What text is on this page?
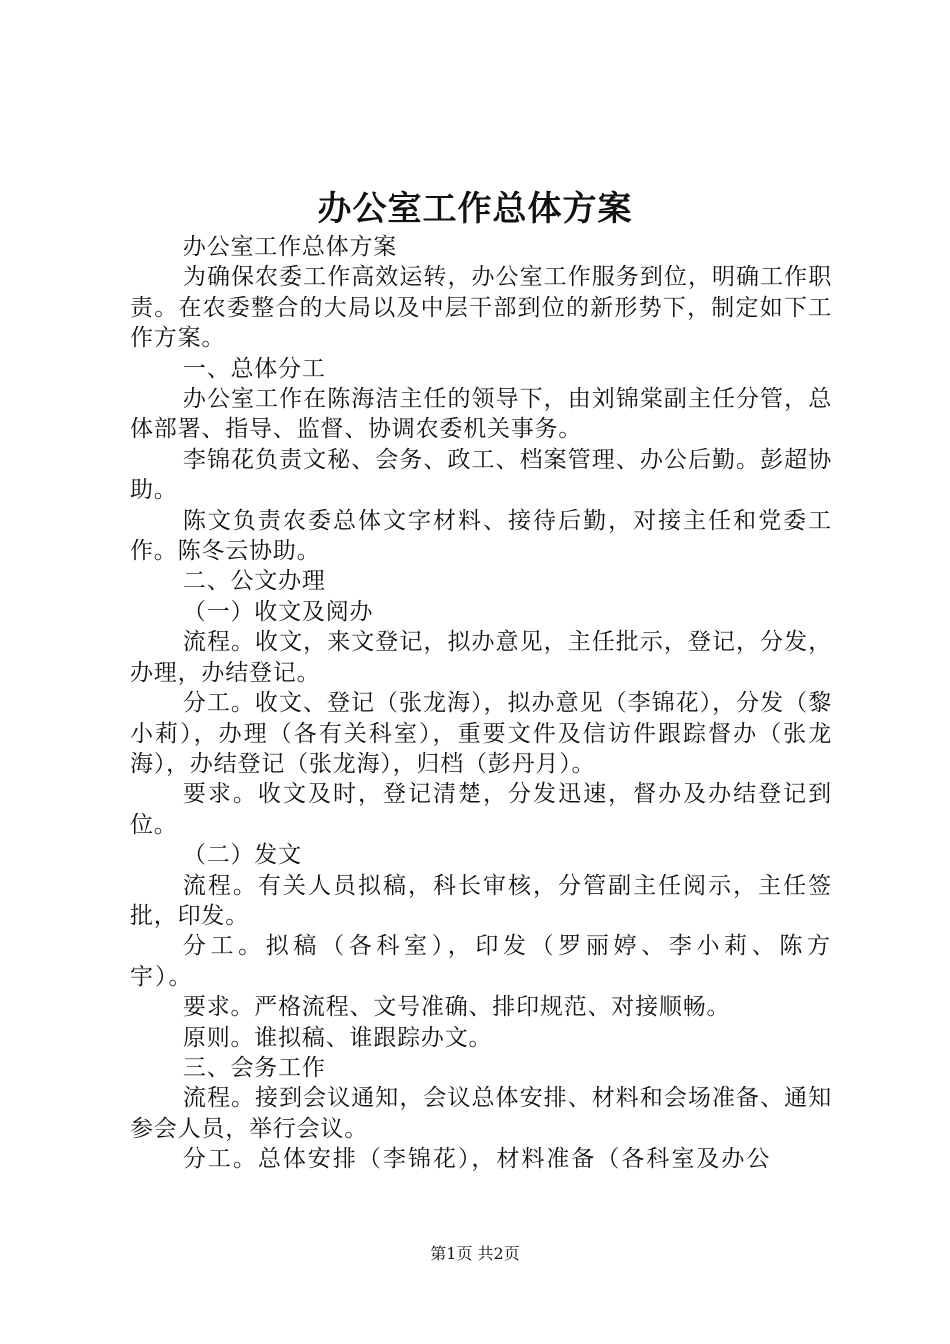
办公室工作总体方案

办公室工作总体方案

为确保农委工作高效运转，办公室工作服务到位，明确工作职责。在农委整合的大局以及中层干部到位的新形势下，制定如下工作方案。

一、总体分工

办公室工作在陈海洁主任的领导下，由刘锦棠副主任分管，总体部署、指导、监督、协调农委机关事务。

李锦花负责文秘、会务、政工、档案管理、办公后勤。彭超协助。

陈文负责农委总体文字材料、接待后勤，对接主任和党委工作。陈冬云协助。

二、公文办理

（一）收文及阅办

流程。收文，来文登记，拟办意见，主任批示，登记，分发，办理，办结登记。

分工。收文、登记（张龙海），拟办意见（李锦花），分发（黎小莉），办理（各有关科室），重要文件及信访件跟踪督办（张龙海），办结登记（张龙海），归档（彭丹月）。

要求。收文及时，登记清楚，分发迅速，督办及办结登记到位。

（二）发文

流程。有关人员拟稿，科长审核，分管副主任阅示，主任签批，印发。

分工。拟稿（各科室），印发（罗丽婷、李小莉、陈方宇）。

要求。严格流程、文号准确、排印规范、对接顺畅。

原则。谁拟稿、谁跟踪办文。

三、会务工作

流程。接到会议通知，会议总体安排、材料和会场准备、通知参会人员，举行会议。

分工。总体安排（李锦花），材料准备（各科室及办公

第1页 共2页
